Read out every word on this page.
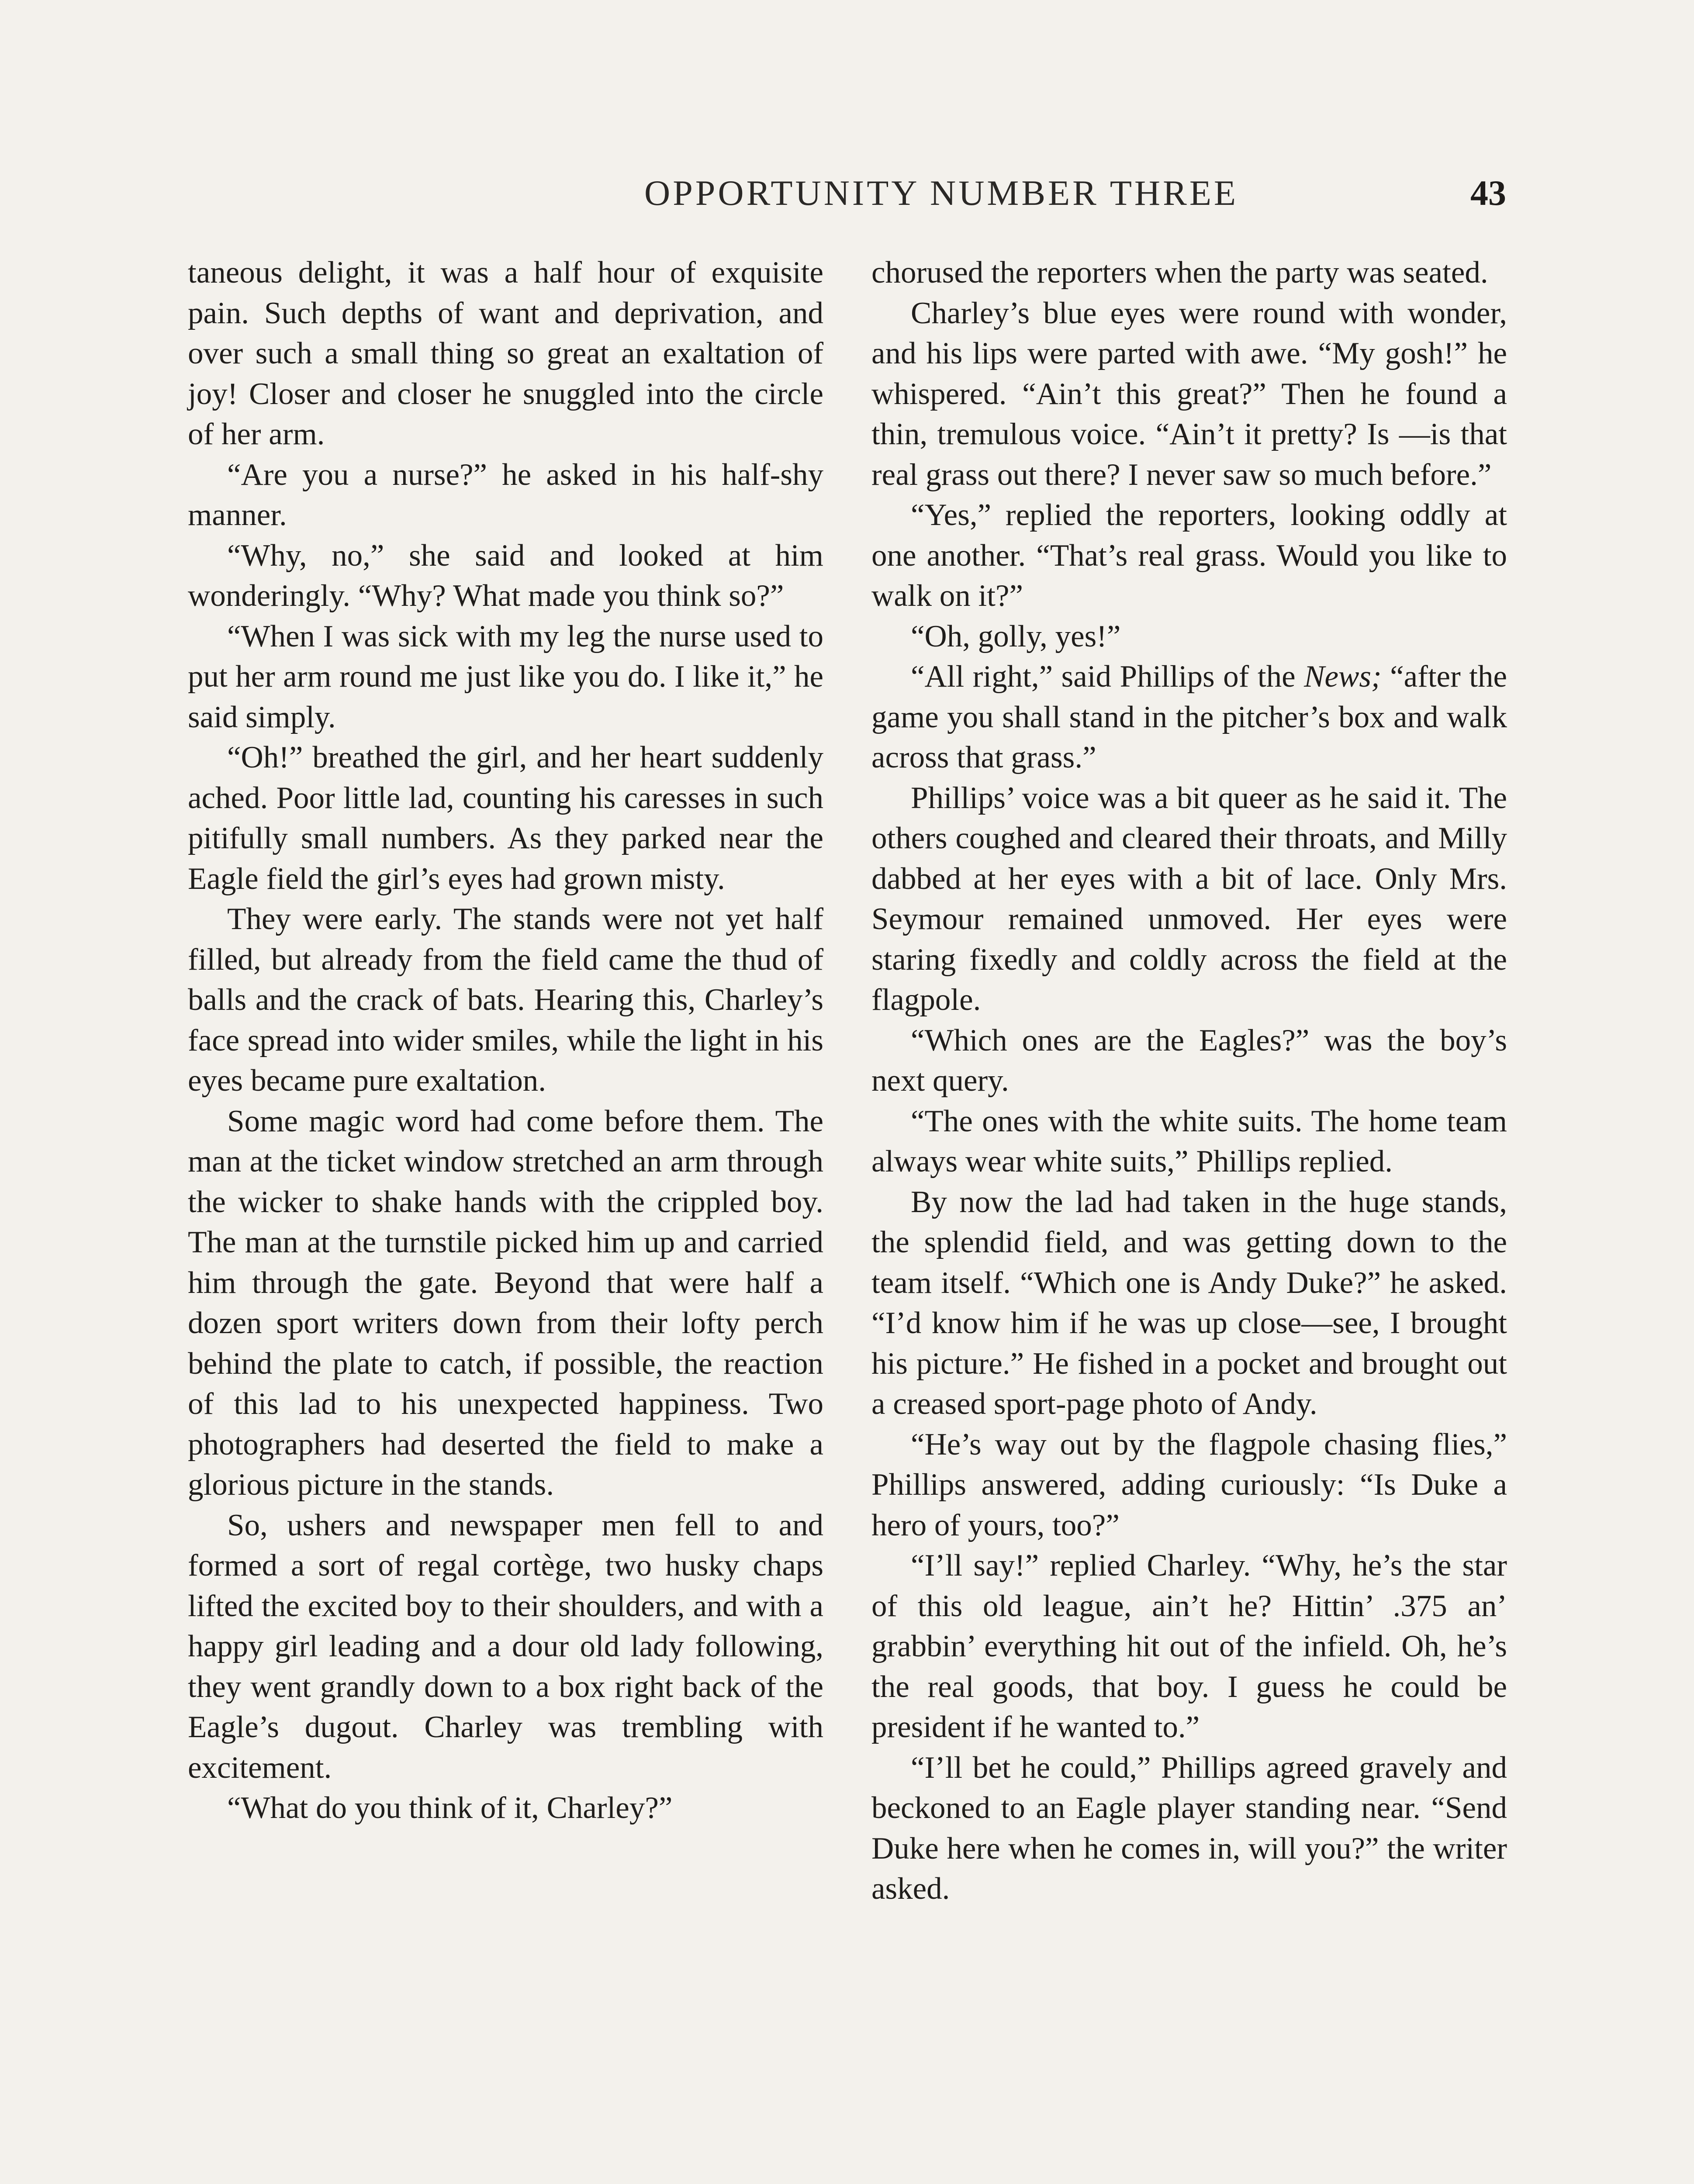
OPPORTUNITY NUMBER THREE	43

taneous delight, it was a half hour of exquisite pain. Such depths of want and deprivation, and over such a small thing so great an exaltation of joy! Closer and closer he snuggled into the circle of her arm.

“Are you a nurse?” he asked in his half-shy manner.

“Why, no,” she said and looked at him wonderingly. “Why? What made you think so?”

“When I was sick with my leg the nurse used to put her arm round me just like you do. I like it,” he said simply.

“Oh!” breathed the girl, and her heart suddenly ached. Poor little lad, counting his caresses in such pitifully small numbers. As they parked near the Eagle field the girl’s eyes had grown misty.

They were early. The stands were not yet half filled, but already from the field came the thud of balls and the crack of bats. Hearing this, Charley’s face spread into wider smiles, while the light in his eyes became pure exaltation.

Some magic word had come before them. The man at the ticket window stretched an arm through the wicker to shake hands with the crippled boy. The man at the turnstile picked him up and carried him through the gate. Beyond that were half a dozen sport writers down from their lofty perch behind the plate to catch, if possible, the reaction of this lad to his unexpected happiness. Two photographers had deserted the field to make a glorious picture in the stands.

So, ushers and newspaper men fell to and formed a sort of regal cortège, two husky chaps lifted the excited boy to their shoulders, and with a happy girl leading and a dour old lady following, they went grandly down to a box right back of the Eagle’s dugout. Charley was trembling with excitement.

“What do you think of it, Charley?”

chorused the reporters when the party was seated.

Charley’s blue eyes were round with wonder, and his lips were parted with awe. “My gosh!” he whispered. “Ain’t this great?” Then he found a thin, tremulous voice. “Ain’t it pretty? Is —is that real grass out there? I never saw so much before.”

“Yes,” replied the reporters, looking oddly at one another. “That’s real grass. Would you like to walk on it?”

“Oh, golly, yes!”

“All right,” said Phillips of the News; “after the game you shall stand in the pitcher’s box and walk across that grass.”

Phillips’ voice was a bit queer as he said it. The others coughed and cleared their throats, and Milly dabbed at her eyes with a bit of lace. Only Mrs. Seymour remained unmoved. Her eyes were staring fixedly and coldly across the field at the flagpole.

“Which ones are the Eagles?” was the boy’s next query.

“The ones with the white suits. The home team always wear white suits,” Phillips replied.

By now the lad had taken in the huge stands, the splendid field, and was getting down to the team itself. “Which one is Andy Duke?” he asked. “I’d know him if he was up close—see, I brought his picture.” He fished in a pocket and brought out a creased sport-page photo of Andy.

“He’s way out by the flagpole chasing flies,” Phillips answered, adding curiously: “Is Duke a hero of yours, too?”

“I’ll say!” replied Charley. “Why, he’s the star of this old league, ain’t he? Hittin’ .375 an’ grabbin’ everything hit out of the infield. Oh, he’s the real goods, that boy. I guess he could be president if he wanted to.”

“I’ll bet he could,” Phillips agreed gravely and beckoned to an Eagle player standing near. “Send Duke here when he comes in, will you?” the writer asked.
